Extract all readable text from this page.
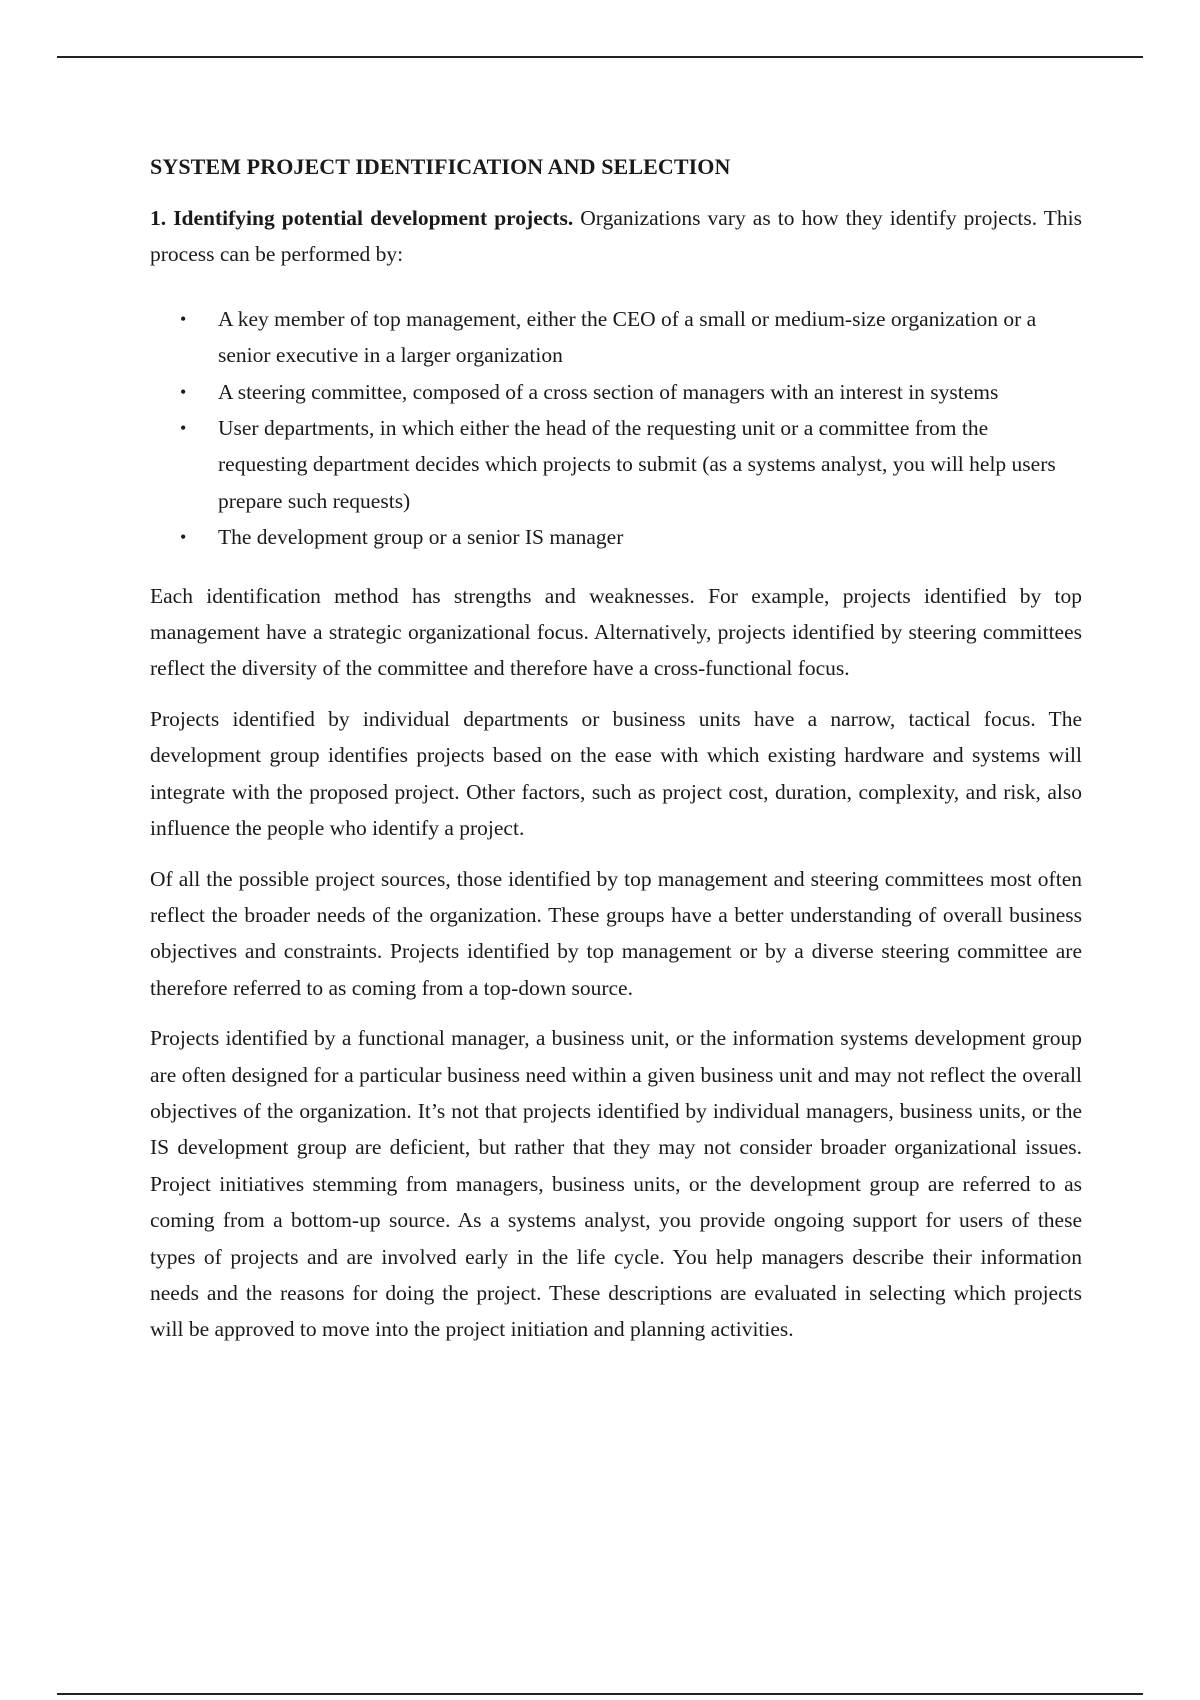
SYSTEM PROJECT IDENTIFICATION AND SELECTION

1. Identifying potential development projects. Organizations vary as to how they identify projects. This process can be performed by:

• A key member of top management, either the CEO of a small or medium-size organization or a senior executive in a larger organization
• A steering committee, composed of a cross section of managers with an interest in systems
• User departments, in which either the head of the requesting unit or a committee from the requesting department decides which projects to submit (as a systems analyst, you will help users prepare such requests)
• The development group or a senior IS manager

Each identification method has strengths and weaknesses. For example, projects identified by top management have a strategic organizational focus. Alternatively, projects identified by steering committees reflect the diversity of the committee and therefore have a cross-functional focus.

Projects identified by individual departments or business units have a narrow, tactical focus. The development group identifies projects based on the ease with which existing hardware and systems will integrate with the proposed project. Other factors, such as project cost, duration, complexity, and risk, also influence the people who identify a project.

Of all the possible project sources, those identified by top management and steering committees most often reflect the broader needs of the organization. These groups have a better understanding of overall business objectives and constraints. Projects identified by top management or by a diverse steering committee are therefore referred to as coming from a top-down source.

Projects identified by a functional manager, a business unit, or the information systems development group are often designed for a particular business need within a given business unit and may not reflect the overall objectives of the organization. It’s not that projects identified by individual managers, business units, or the IS development group are deficient, but rather that they may not consider broader organizational issues. Project initiatives stemming from managers, business units, or the development group are referred to as coming from a bottom-up source. As a systems analyst, you provide ongoing support for users of these types of projects and are involved early in the life cycle. You help managers describe their information needs and the reasons for doing the project. These descriptions are evaluated in selecting which projects will be approved to move into the project initiation and planning activities.
